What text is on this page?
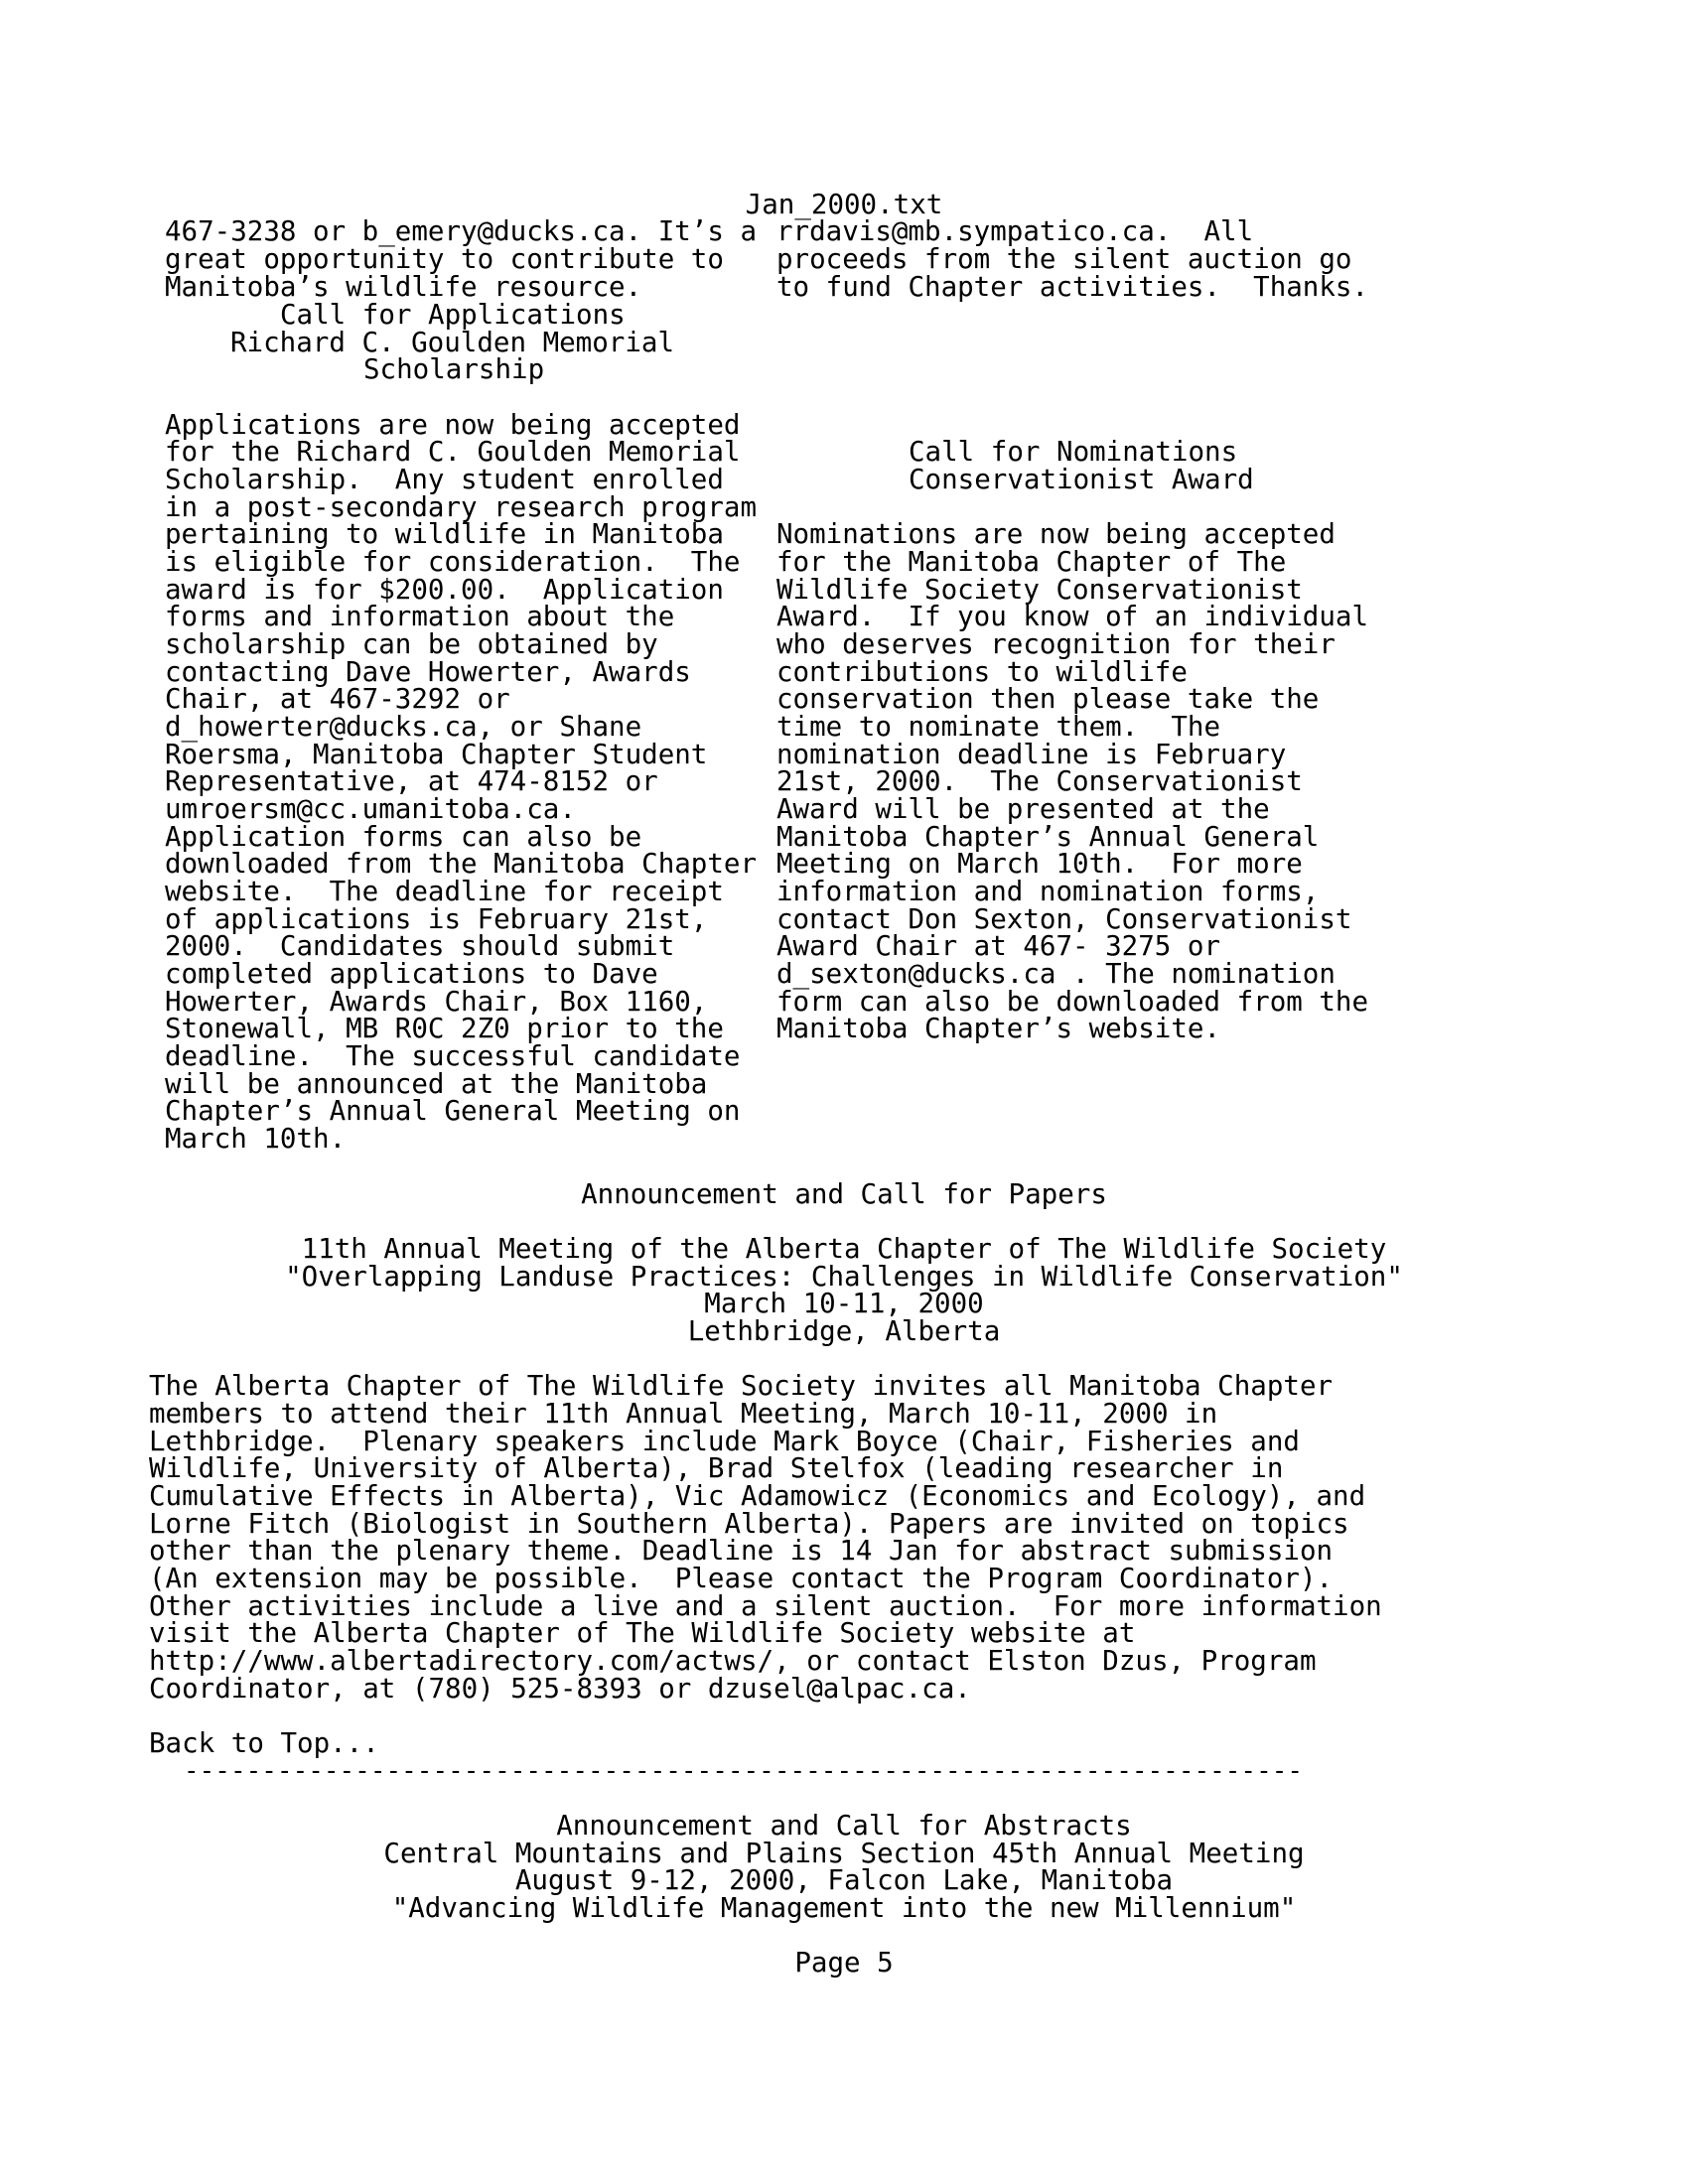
Jan_2000.txt
467-3238 or b_emery@ducks.ca. It’s a
great opportunity to contribute to
Manitoba’s wildlife resource.
rrdavis@mb.sympatico.ca.  All
proceeds from the silent auction go
to fund Chapter activities.  Thanks.
Call for Applications
Richard C. Goulden Memorial
Scholarship
Applications are now being accepted
for the Richard C. Goulden Memorial
Scholarship.  Any student enrolled
in a post-secondary research program
pertaining to wildlife in Manitoba
is eligible for consideration.  The
award is for $200.00.  Application
forms and information about the
scholarship can be obtained by
contacting Dave Howerter, Awards
Chair, at 467-3292 or
d_howerter@ducks.ca, or Shane
Roersma, Manitoba Chapter Student
Representative, at 474-8152 or
umroersm@cc.umanitoba.ca.
Application forms can also be
downloaded from the Manitoba Chapter
website.  The deadline for receipt
of applications is February 21st,
2000.  Candidates should submit
completed applications to Dave
Howerter, Awards Chair, Box 1160,
Stonewall, MB R0C 2Z0 prior to the
deadline.  The successful candidate
will be announced at the Manitoba
Chapter’s Annual General Meeting on
March 10th.
Call for Nominations
Conservationist Award
Nominations are now being accepted
for the Manitoba Chapter of The
Wildlife Society Conservationist
Award.  If you know of an individual
who deserves recognition for their
contributions to wildlife
conservation then please take the
time to nominate them.  The
nomination deadline is February
21st, 2000.  The Conservationist
Award will be presented at the
Manitoba Chapter’s Annual General
Meeting on March 10th.  For more
information and nomination forms,
contact Don Sexton, Conservationist
Award Chair at 467- 3275 or
d_sexton@ducks.ca . The nomination
form can also be downloaded from the
Manitoba Chapter’s website.
Announcement and Call for Papers
11th Annual Meeting of the Alberta Chapter of The Wildlife Society
"Overlapping Landuse Practices: Challenges in Wildlife Conservation"
March 10-11, 2000
Lethbridge, Alberta
The Alberta Chapter of The Wildlife Society invites all Manitoba Chapter
members to attend their 11th Annual Meeting, March 10-11, 2000 in
Lethbridge.  Plenary speakers include Mark Boyce (Chair, Fisheries and
Wildlife, University of Alberta), Brad Stelfox (leading researcher in
Cumulative Effects in Alberta), Vic Adamowicz (Economics and Ecology), and
Lorne Fitch (Biologist in Southern Alberta). Papers are invited on topics
other than the plenary theme. Deadline is 14 Jan for abstract submission
(An extension may be possible.  Please contact the Program Coordinator).
Other activities include a live and a silent auction.  For more information
visit the Alberta Chapter of The Wildlife Society website at
http://www.albertadirectory.com/actws/, or contact Elston Dzus, Program
Coordinator, at (780) 525-8393 or dzusel@alpac.ca.
Back to Top...
------------------------------------------------------------------------
Announcement and Call for Abstracts
Central Mountains and Plains Section 45th Annual Meeting
August 9-12, 2000, Falcon Lake, Manitoba
"Advancing Wildlife Management into the new Millennium"
Page 5
